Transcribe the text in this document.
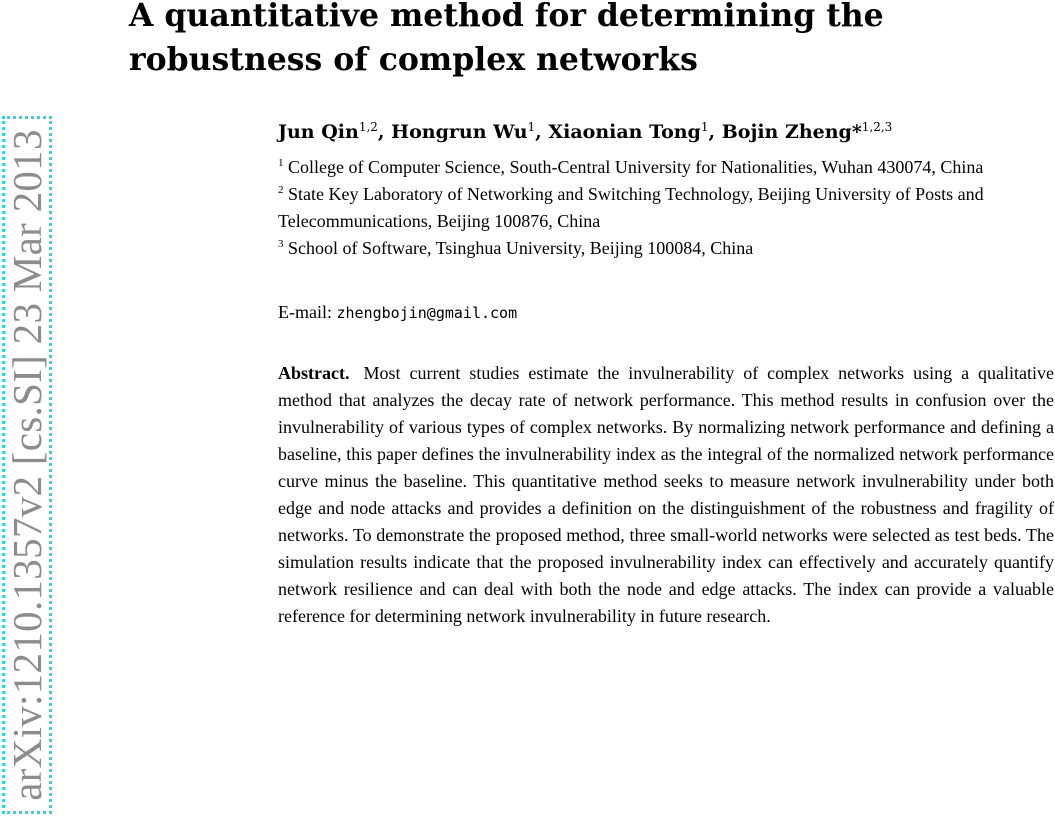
arXiv:1210.1357v2 [cs.SI] 23 Mar 2013
A quantitative method for determining the robustness of complex networks

Jun Qin$^{1,2}$, Hongrun Wu$^1$, Xiaonian Tong$^1$, Bojin Zheng*$^{1,2,3}$

$^1$ College of Computer Science, South-Central University for Nationalities, Wuhan 430074, China

$^2$ State Key Laboratory of Networking and Switching Technology, Beijing University of Posts and Telecommunications, Beijing 100876, China

$^3$ School of Software, Tsinghua University, Beijing 100084, China

E-mail: zhengbojin@gmail.com

Abstract. Most current studies estimate the invulnerability of complex networks using a qualitative method that analyzes the decay rate of network performance. This method results in confusion over the invulnerability of various types of complex networks. By normalizing network performance and defining a baseline, this paper defines the invulnerability index as the integral of the normalized network performance curve minus the baseline. This quantitative method seeks to measure network invulnerability under both edge and node attacks and provides a definition on the distinguishment of the robustness and fragility of networks. To demonstrate the proposed method, three small-world networks were selected as test beds. The simulation results indicate that the proposed invulnerability index can effectively and accurately quantify network resilience and can deal with both the node and edge attacks. The index can provide a valuable reference for determining network invulnerability in future research.
